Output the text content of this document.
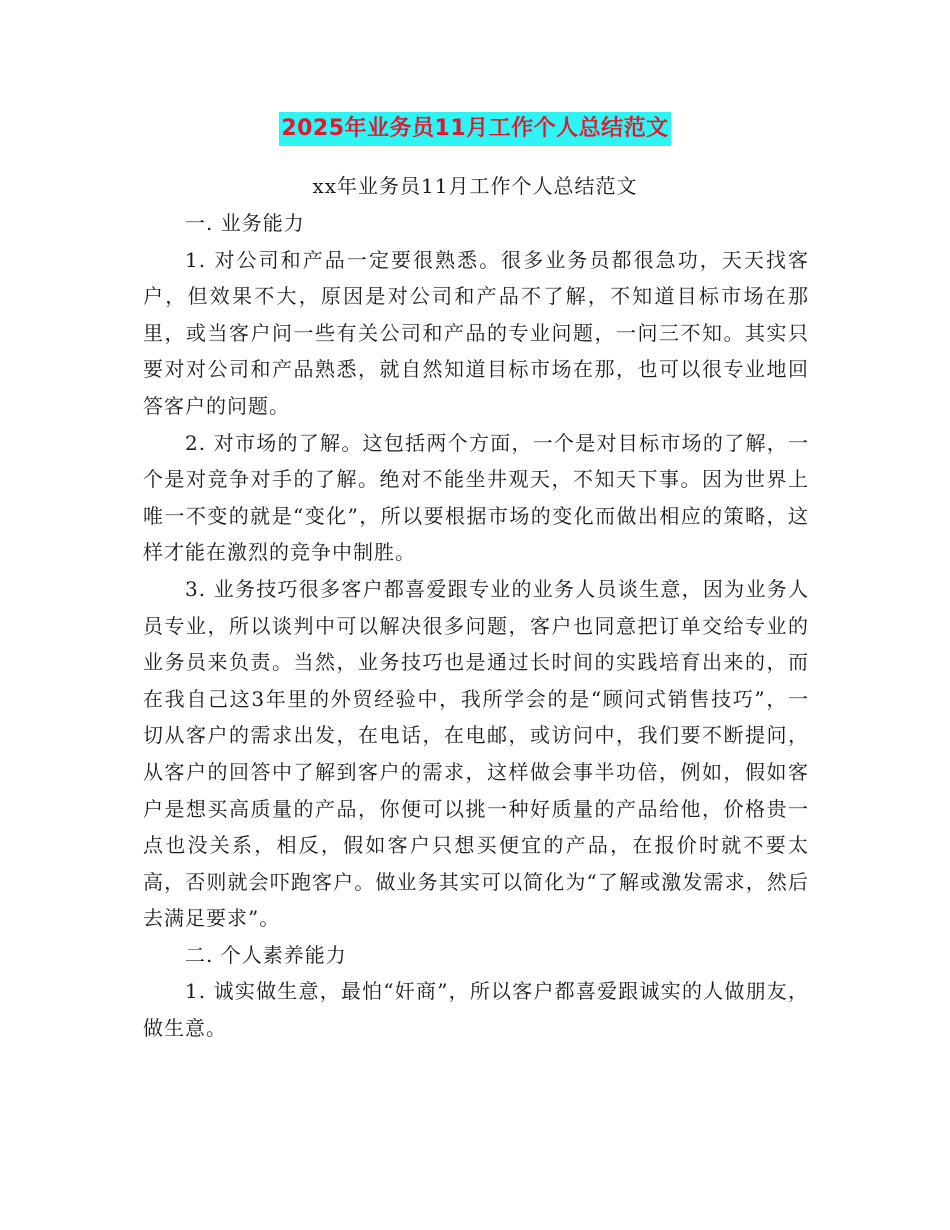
2025年业务员11月工作个人总结范文
xx年业务员11月工作个人总结范文

一. 业务能力

1. 对公司和产品一定要很熟悉。很多业务员都很急功，天天找客户，但效果不大，原因是对公司和产品不了解，不知道目标市场在那里，或当客户问一些有关公司和产品的专业问题，一问三不知。其实只要对对公司和产品熟悉，就自然知道目标市场在那，也可以很专业地回答客户的问题。

2. 对市场的了解。这包括两个方面，一个是对目标市场的了解，一个是对竞争对手的了解。绝对不能坐井观天，不知天下事。因为世界上唯一不变的就是“变化”，所以要根据市场的变化而做出相应的策略，这样才能在激烈的竞争中制胜。

3. 业务技巧很多客户都喜爱跟专业的业务人员谈生意，因为业务人员专业，所以谈判中可以解决很多问题，客户也同意把订单交给专业的业务员来负责。当然，业务技巧也是通过长时间的实践培育出来的，而在我自己这3年里的外贸经验中，我所学会的是“顾问式销售技巧”，一切从客户的需求出发，在电话，在电邮，或访问中，我们要不断提问，从客户的回答中了解到客户的需求，这样做会事半功倍，例如，假如客户是想买高质量的产品，你便可以挑一种好质量的产品给他，价格贵一点也没关系，相反，假如客户只想买便宜的产品，在报价时就不要太高，否则就会吓跑客户。做业务其实可以简化为“了解或激发需求，然后去满足要求”。

二. 个人素养能力

1. 诚实做生意，最怕“奸商”，所以客户都喜爱跟诚实的人做朋友，做生意。
